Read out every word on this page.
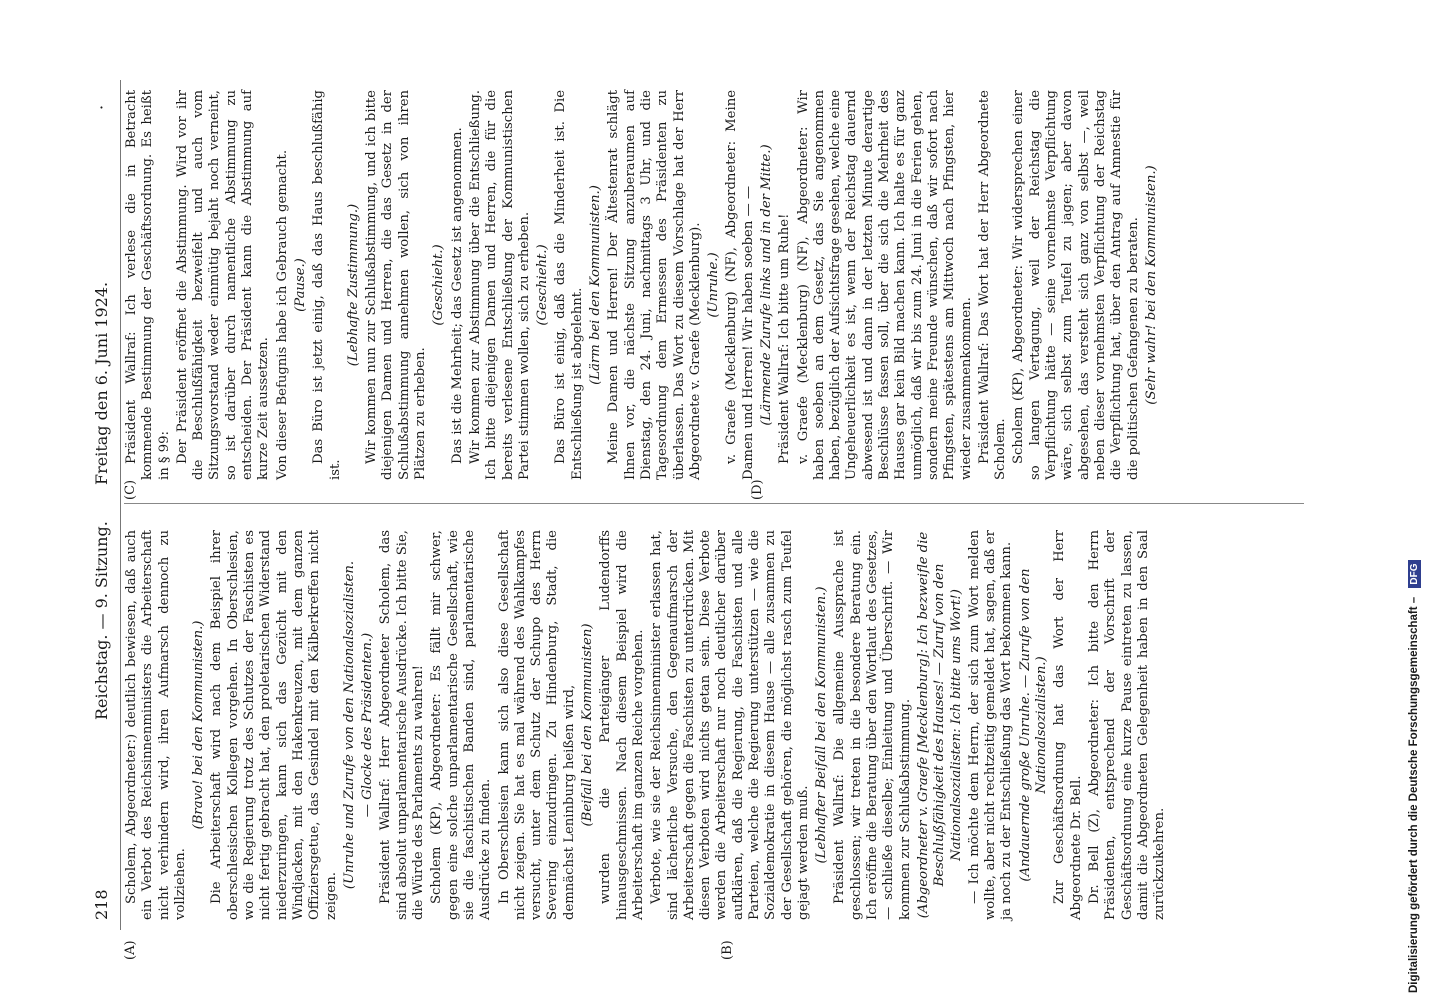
218
Reichstag. — 9. Sitzung.
Freitag den 6. Juni 1924.
·
(A)	(B)

Scholem, Abgeordneter:) deutlich bewiesen, daß auch ein Verbot des Reichsinnenministers die Arbeiterschaft nicht verhindern wird, ihren Aufmarsch dennoch zu vollziehen.

(Bravo! bei den Kommunisten.) Die Arbeiterschaft wird nach dem Beispiel ihrer oberschlesischen Kollegen vorgehen. In Oberschlesien, wo die Regierung trotz des Schutzes der Faschisten es nicht fertig gebracht hat, den proletarischen Widerstand niederzuringen, kann sich das Gezücht mit den Windjacken, mit den Hakenkreuzen, mit dem ganzen Offiziersgetue, das Gesindel mit den Kälberkreffen nicht zeigen.

(Unruhe und Zurufe von den Nationalsozialisten. — Glocke des Präsidenten.) Präsident Wallraf: Herr Abgeordneter Scholem, das sind absolut unparlamentarische Ausdrücke. Ich bitte Sie, die Würde des Parlaments zu wahren! Scholem (KP), Abgeordneter: Es fällt mir schwer, gegen eine solche unparlamentarische Gesellschaft, wie sie die faschistischen Banden sind, parlamentarische Ausdrücke zu finden. In Oberschlesien kann sich also diese Gesellschaft nicht zeigen. Sie hat es mal während des Wahlkampfes versucht, unter dem Schutz der Schupo des Herrn Severing einzudringen. Zu Hindenburg, Stadt, die demnächst Leninburg heißen wird, (Beifall bei den Kommunisten) wurden die Parteigänger Ludendorffs hinausgeschmissen. Nach diesem Beispiel wird die Arbeiterschaft im ganzen Reiche vorgehen. Verbote, wie sie der Reichsinnenminister erlassen hat, sind lächerliche Versuche, den Gegenaufmarsch der Arbeiterschaft gegen die Faschisten zu unterdrücken. Mit diesen Verboten wird nichts getan sein. Diese Verbote werden die Arbeiterschaft nur noch deutlicher darüber aufklären, daß die Regierung, die Faschisten und alle Parteien, welche die Regierung unterstützen — wie die Sozialdemokratie in diesem Hause — alle zusammen zu der Gesellschaft gehören, die möglichst rasch zum Teufel gejagt werden muß. (Lebhafter Beifall bei den Kommunisten.) Präsident Wallraf: Die allgemeine Aussprache ist geschlossen; wir treten in die besondere Beratung ein. Ich eröffne die Beratung über den Wortlaut des Gesetzes, — schließe dieselbe; Einleitung und Überschrift. — Wir kommen zur Schlußabstimmung. (Abgeordneter v. Graefe [Mecklenburg]: Ich bezweifle die Beschlußfähigkeit des Hauses! — Zuruf von den Nationalsozialisten: Ich bitte ums Wort!) — Ich möchte dem Herrn, der sich zum Wort melden wollte, aber nicht rechtzeitig gemeldet hat, sagen, daß er ja noch zu der Entschließung das Wort bekommen kann. (Andauernde große Unruhe. — Zurufe von den Nationalsozialisten.) Zur Geschäftsordnung hat das Wort der Herr Abgeordnete Dr. Bell. Dr. Bell (Z), Abgeordneter: Ich bitte den Herrn Präsidenten, entsprechend der Vorschrift der Geschäftsordnung eine kurze Pause eintreten zu lassen, damit die Abgeordneten Gelegenheit haben in den Saal zurückzukehren.

(C)	(D)

Präsident Wallraf: Ich verlese die in Betracht kommende Bestimmung der Geschäftsordnung. Es heißt in § 99: Der Präsident eröffnet die Abstimmung. Wird vor ihr die Beschlußfähigkeit bezweifelt und auch vom Sitzungsvorstand weder einmütig bejaht noch verneint, so ist darüber durch namentliche Abstimmung zu entscheiden. Der Präsident kann die Abstimmung auf kurze Zeit aussetzen. Von dieser Befugnis habe ich Gebrauch gemacht. (Pause.) Das Büro ist jetzt einig, daß das Haus beschlußfähig ist.

(Lebhafte Zustimmung.) Wir kommen nun zur Schlußabstimmung, und ich bitte diejenigen Damen und Herren, die das Gesetz in der Schlußabstimmung annehmen wollen, sich von ihren Plätzen zu erheben.

(Geschieht.) Das ist die Mehrheit; das Gesetz ist angenommen. Wir kommen zur Abstimmung über die Entschließung. Ich bitte diejenigen Damen und Herren, die für die bereits verlesene Entschließung der Kommunistischen Partei stimmen wollen, sich zu erheben. (Geschieht.) Das Büro ist einig, daß das die Minderheit ist. Die Entschließung ist abgelehnt. (Lärm bei den Kommunisten.) Meine Damen und Herren! Der Ältestenrat schlägt Ihnen vor, die nächste Sitzung anzuberaumen auf Dienstag, den 24. Juni, nachmittags 3 Uhr, und die Tagesordnung dem Ermessen des Präsidenten zu überlassen. Das Wort zu diesem Vorschlage hat der Herr Abgeordnete v. Graefe (Mecklenburg). (Unruhe.) v. Graefe (Mecklenburg) (NF), Abgeordneter: Meine Damen und Herren! Wir haben soeben — — (Lärmende Zurufe links und in der Mitte.) Präsident Wallraf: Ich bitte um Ruhe! v. Graefe (Mecklenburg) (NF), Abgeordneter: Wir haben soeben an dem Gesetz, das Sie angenommen haben, bezüglich der Aufsichtsfrage gesehen, welche eine Ungeheuerlichkeit es ist, wenn der Reichstag dauernd abwesend ist und dann in der letzten Minute derartige Beschlüsse fassen soll, über die sich die Mehrheit des Hauses gar kein Bild machen kann. Ich halte es für ganz unmöglich, daß wir bis zum 24. Juni in die Ferien gehen, sondern meine Freunde wünschen, daß wir sofort nach Pfingsten, spätestens am Mittwoch nach Pfingsten, hier wieder zusammenkommen. Präsident Wallraf: Das Wort hat der Herr Abgeordnete Scholem. Scholem (KP), Abgeordneter: Wir widersprechen einer so langen Vertagung, weil der Reichstag die Verpflichtung hätte — seine vornehmste Verpflichtung wäre, sich selbst zum Teufel zu jagen; aber davon abgesehen, das versteht sich ganz von selbst —, weil neben dieser vornehmsten Verpflichtung der Reichstag die Verpflichtung hat, über den Antrag auf Amnestie für die politischen Gefangenen zu beraten. (Sehr wahr! bei den Kommunisten.)

Digitalisierung gefördert durch die Deutsche Forschungsgemeinschaft – DFG
